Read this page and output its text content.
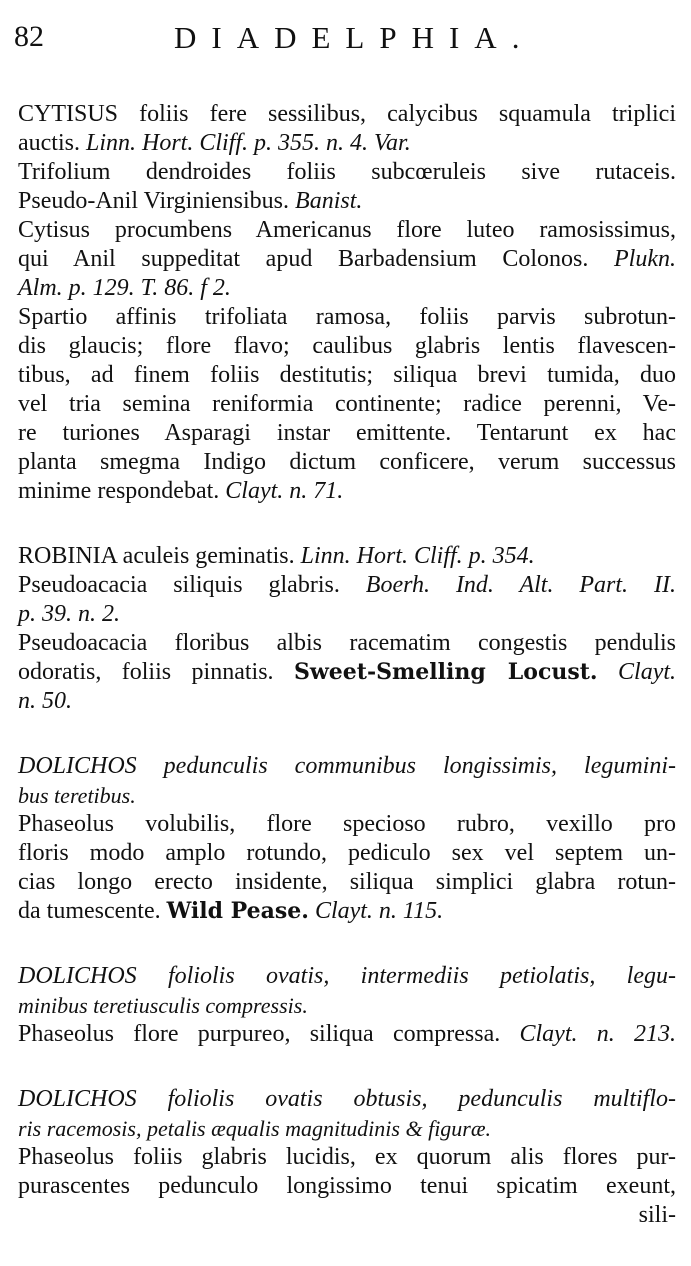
82	DIADELPHIA.
CYTISUS foliis fere sessilibus, calycibus squamula triplici
auctis. Linn. Hort. Cliff. p. 355. n. 4. Var.
Trifolium dendroides foliis subcœruleis sive rutaceis.
Pseudo-Anil Virginiensibus. Banist.
Cytisus procumbens Americanus flore luteo ramosissimus,
qui Anil suppeditat apud Barbadensium Colonos. Plukn.
Alm. p. 129. T. 86. f 2.
Spartio affinis trifoliata ramosa, foliis parvis subrotun-
dis glaucis; flore flavo; caulibus glabris lentis flavescen-
tibus, ad finem foliis destitutis; siliqua brevi tumida, duo
vel tria semina reniformia continente; radice perenni, Ve-
re turiones Asparagi instar emittente. Tentarunt ex hac
planta smegma Indigo dictum conficere, verum successus
minime respondebat. Clayt. n. 71.
ROBINIA aculeis geminatis. Linn. Hort. Cliff. p. 354.
Pseudoacacia siliquis glabris. Boerh. Ind. Alt. Part. II.
p. 39. n. 2.
Pseudoacacia floribus albis racematim congestis pendulis
odoratis, foliis pinnatis. Sweet-Smelling Locust. Clayt.
n. 50.
DOLICHOS pedunculis communibus longissimis, legumini-
bus teretibus.
Phaseolus volubilis, flore specioso rubro, vexillo pro
floris modo amplo rotundo, pediculo sex vel septem un-
cias longo erecto insidente, siliqua simplici glabra rotun-
da tumescente. Wild Pease. Clayt. n. 115.
DOLICHOS foliolis ovatis, intermediis petiolatis, legu-
minibus teretiusculis compressis.
Phaseolus flore purpureo, siliqua compressa. Clayt. n. 213.
DOLICHOS foliolis ovatis obtusis, pedunculis multiflo-
ris racemosis, petalis æqualis magnitudinis & figuræ.
Phaseolus foliis glabris lucidis, ex quorum alis flores pur-
purascentes pedunculo longissimo tenui spicatim exeunt,
sili-
